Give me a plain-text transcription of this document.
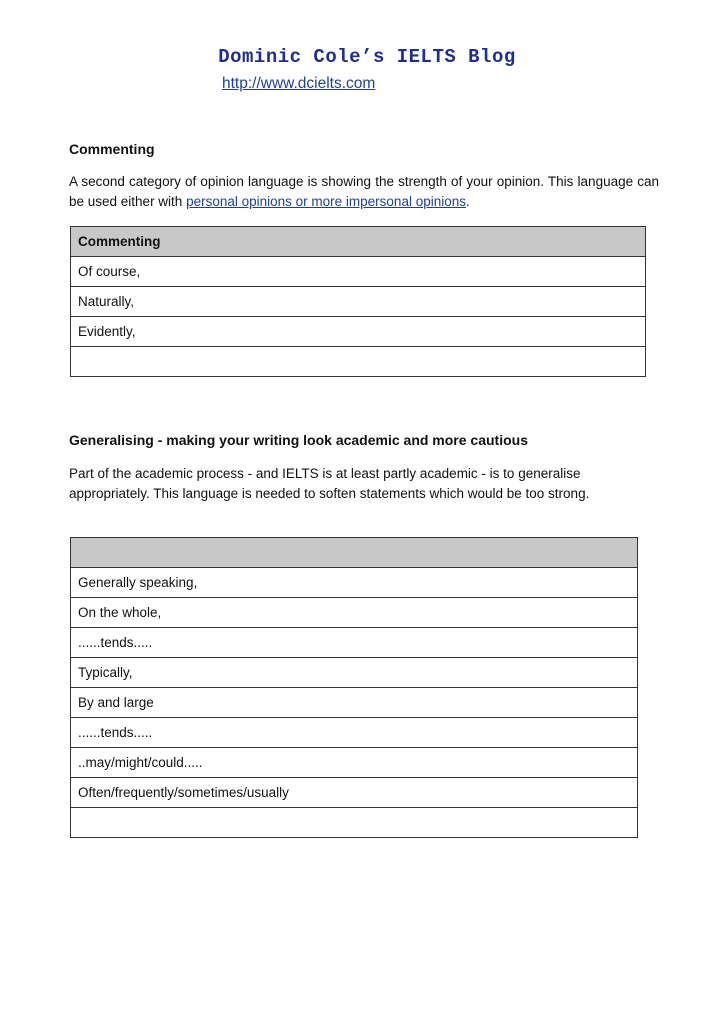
Dominic Cole’s IELTS Blog
http://www.dcielts.com
Commenting
A second category of opinion language is showing the strength of your opinion. This language can be used either with personal opinions or more impersonal opinions.
Commenting
Of course,
Naturally,
Evidently,

Generalising - making your writing look academic and more cautious
Part of the academic process - and IELTS is at least partly academic - is to generalise appropriately. This language is needed to soften statements which would be too strong.

Generally speaking,
On the whole,
......tends.....
Typically,
By and large
......tends.....
..may/might/could.....
Often/frequently/sometimes/usually
